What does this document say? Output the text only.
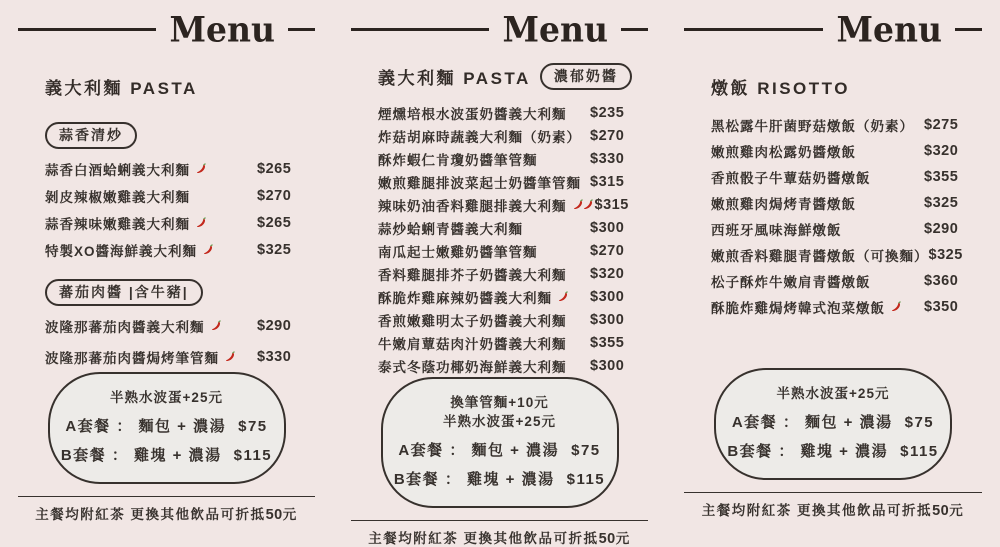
Menu
義大利麵 PASTA
蒜香清炒
蒜香白酒蛤蜊義大利麵	$265
剝皮辣椒嫩雞義大利麵	$270
蒜香辣味嫩雞義大利麵	$265
特製XO醬海鮮義大利麵	$325
蕃茄肉醬 |含牛豬|
波隆那蕃茄肉醬義大利麵	$290
波隆那蕃茄肉醬焗烤筆管麵	$330
半熟水波蛋+25元
A套餐 ： 麵包 + 濃湯 $75
B套餐 ： 雞塊 + 濃湯 $115
主餐均附紅茶 更換其他飲品可折抵50元
Menu
義大利麵 PASTA	濃郁奶醬
煙燻培根水波蛋奶醬義大利麵 $235
炸菇胡麻時蔬義大利麵（奶素） $270
酥炸蝦仁肯瓊奶醬筆管麵	$330
嫩煎雞腿排波菜起士奶醬筆管麵 $315
辣味奶油香料雞腿排義大利麵 $315
蒜炒蛤蜊青醬義大利麵	$300
南瓜起士嫩雞奶醬筆管麵	$270
香料雞腿排芥子奶醬義大利麵 $320
酥脆炸雞麻辣奶醬義大利麵	$300
香煎嫩雞明太子奶醬義大利麵 $300
牛嫩肩蕈菇肉汁奶醬義大利麵 $355
泰式冬蔭功椰奶海鮮義大利麵 $300
換筆管麵+10元
半熟水波蛋+25元
A套餐 ： 麵包 + 濃湯 $75
B套餐 ： 雞塊 + 濃湯 $115
主餐均附紅茶 更換其他飲品可折抵50元
Menu
燉飯 RISOTTO
黑松露牛肝菌野菇燉飯（奶素） $275
嫩煎雞肉松露奶醬燉飯	$320
香煎骰子牛蕈菇奶醬燉飯	$355
嫩煎雞肉焗烤青醬燉飯	$325
西班牙風味海鮮燉飯	$290
嫩煎香料雞腿青醬燉飯（可換麵） $325
松子酥炸牛嫩肩青醬燉飯	$360
酥脆炸雞焗烤韓式泡菜燉飯	$350
半熟水波蛋+25元
A套餐 ： 麵包 + 濃湯 $75
B套餐 ： 雞塊 + 濃湯 $115
主餐均附紅茶 更換其他飲品可折抵50元
